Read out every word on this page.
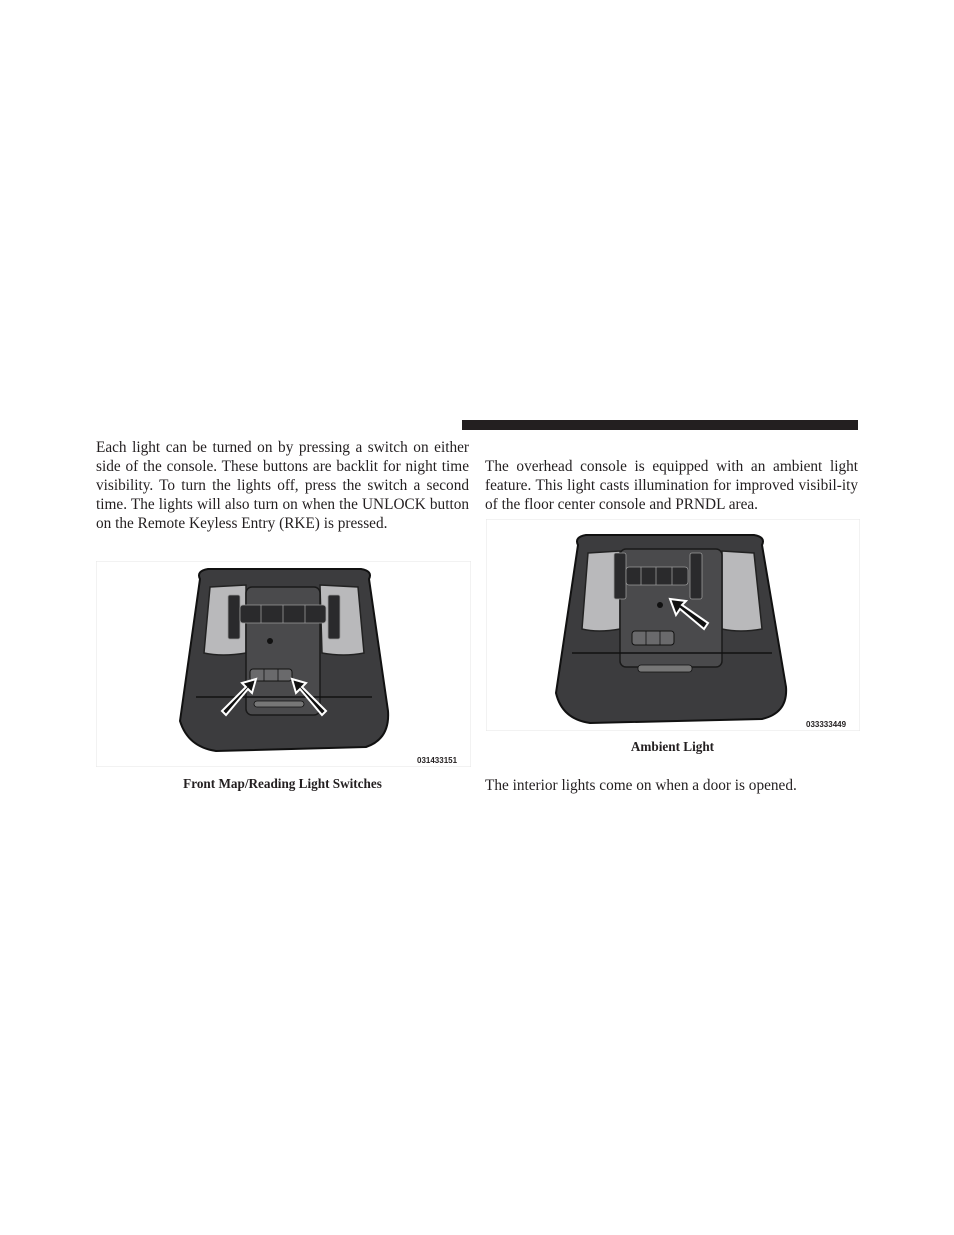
Each light can be turned on by pressing a switch on either side of the console. These buttons are backlit for night time visibility. To turn the lights off, press the switch a second time. The lights will also turn on when the UNLOCK button on the Remote Keyless Entry (RKE) is pressed.

The overhead console is equipped with an ambient light feature. This light casts illumination for improved visibil-ity of the floor center console and PRNDL area.

031433151
Front Map/Reading Light Switches
033333449
Ambient Light

The interior lights come on when a door is opened.
